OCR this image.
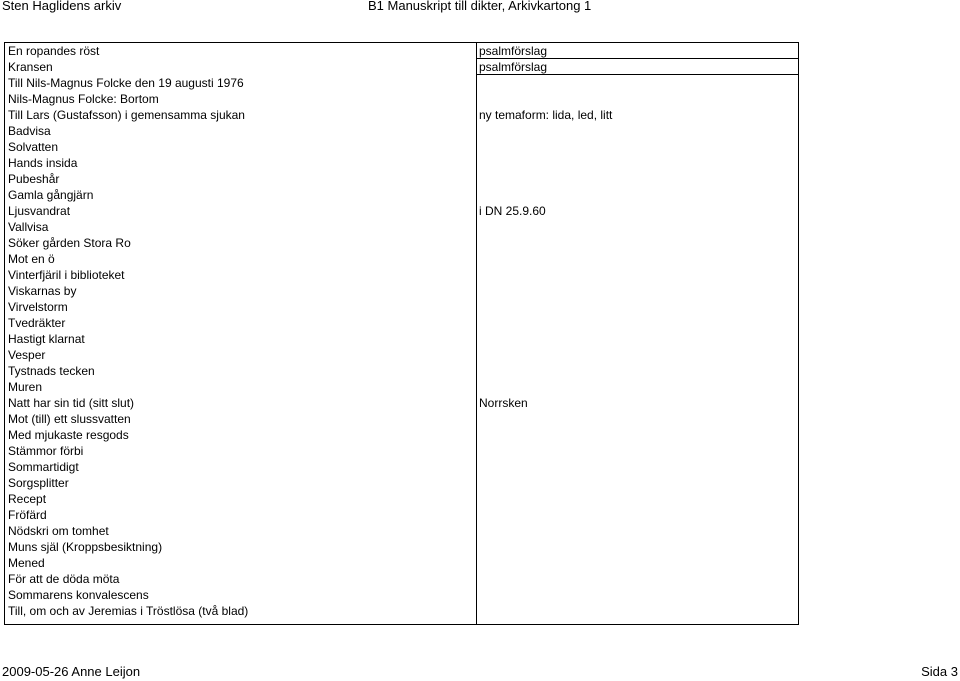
Sten Haglidens arkiv	B1 Manuskript till dikter, Arkivkartong 1
En ropandes röst	psalmförslag
Kransen	psalmförslag
Till Nils-Magnus Folcke den 19 augusti 1976
Nils-Magnus Folcke: Bortom
Till Lars (Gustafsson) i gemensamma sjukan	ny temaform: lida, led, litt
Badvisa
Solvatten
Hands insida
Pubeshår
Gamla gångjärn
Ljusvandrat	i DN 25.9.60
Vallvisa
Söker gården Stora Ro
Mot en ö
Vinterfjäril i biblioteket
Viskarnas by
Virvelstorm
Tvedräkter
Hastigt klarnat
Vesper
Tystnads tecken
Muren
Natt har sin tid (sitt slut)	Norrsken
Mot (till) ett slussvatten
Med mjukaste resgods
Stämmor förbi
Sommartidigt
Sorgsplitter
Recept
Fröfärd
Nödskri om tomhet
Muns själ (Kroppsbesiktning)
Mened
För att de döda möta
Sommarens konvalescens
Till, om och av Jeremias i Tröstlösa (två blad)
2009-05-26 Anne Leijon	Sida 3
